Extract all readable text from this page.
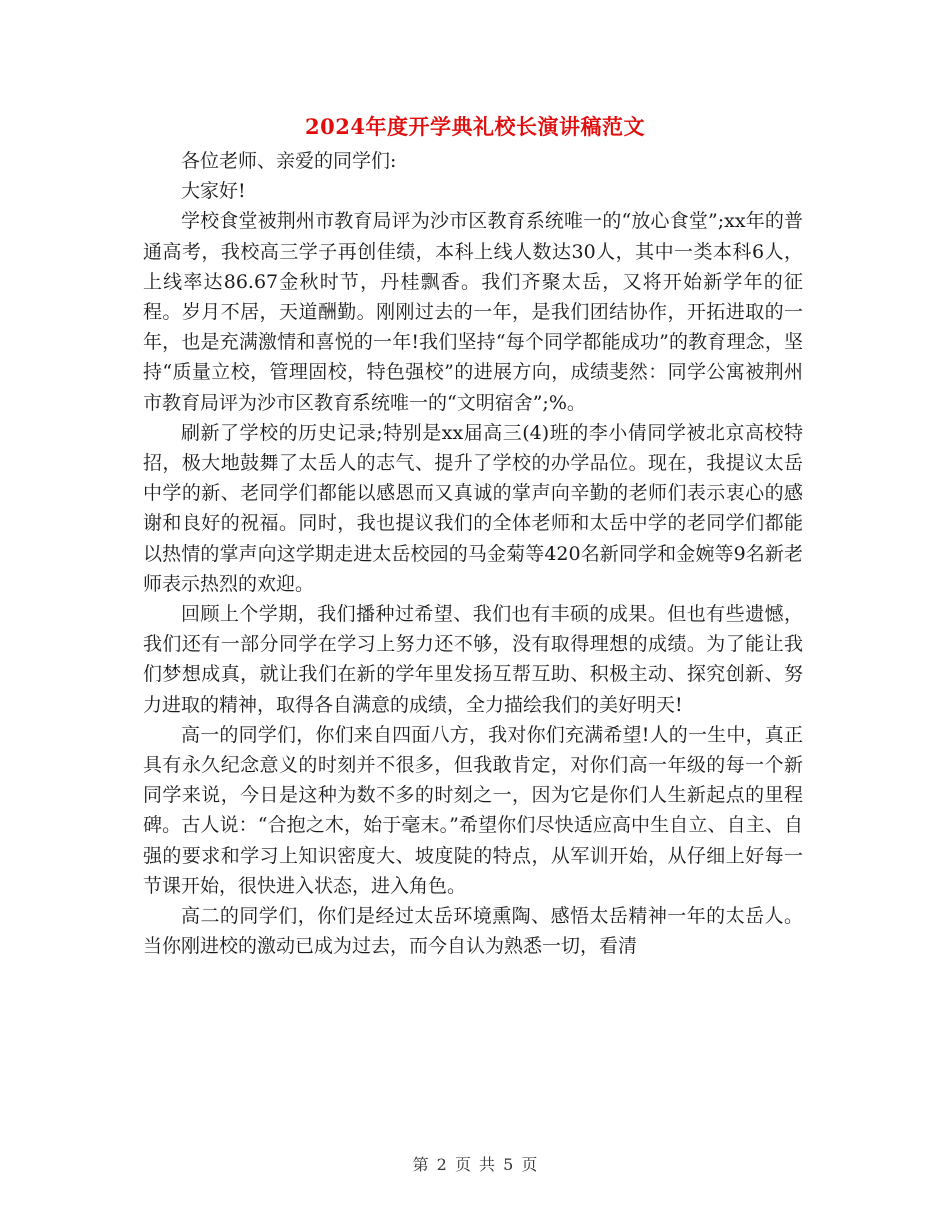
2024年度开学典礼校长演讲稿范文

各位老师、亲爱的同学们:

大家好!

学校食堂被荆州市教育局评为沙市区教育系统唯一的“放心食堂”;xx年的普通高考，我校高三学子再创佳绩，本科上线人数达30人，其中一类本科6人，上线率达86.67金秋时节，丹桂飘香。我们齐聚太岳，又将开始新学年的征程。岁月不居，天道酬勤。刚刚过去的一年，是我们团结协作，开拓进取的一年，也是充满激情和喜悦的一年!我们坚持“每个同学都能成功”的教育理念，坚持“质量立校，管理固校，特色强校”的进展方向，成绩斐然：同学公寓被荆州市教育局评为沙市区教育系统唯一的“文明宿舍”;%。

刷新了学校的历史记录;特别是xx届高三(4)班的李小倩同学被北京高校特招，极大地鼓舞了太岳人的志气、提升了学校的办学品位。现在，我提议太岳中学的新、老同学们都能以感恩而又真诚的掌声向辛勤的老师们表示衷心的感谢和良好的祝福。同时，我也提议我们的全体老师和太岳中学的老同学们都能以热情的掌声向这学期走进太岳校园的马金菊等420名新同学和金婉等9名新老师表示热烈的欢迎。

回顾上个学期，我们播种过希望、我们也有丰硕的成果。但也有些遗憾，我们还有一部分同学在学习上努力还不够，没有取得理想的成绩。为了能让我们梦想成真，就让我们在新的学年里发扬互帮互助、积极主动、探究创新、努力进取的精神，取得各自满意的成绩，全力描绘我们的美好明天!

高一的同学们，你们来自四面八方，我对你们充满希望!人的一生中，真正具有永久纪念意义的时刻并不很多，但我敢肯定，对你们高一年级的每一个新同学来说，今日是这种为数不多的时刻之一，因为它是你们人生新起点的里程碑。古人说：“合抱之木，始于毫末。”希望你们尽快适应高中生自立、自主、自强的要求和学习上知识密度大、坡度陡的特点，从军训开始，从仔细上好每一节课开始，很快进入状态，进入角色。

高二的同学们，你们是经过太岳环境熏陶、感悟太岳精神一年的太岳人。当你刚进校的激动已成为过去，而今自认为熟悉一切，看清

第 2 页 共 5 页
